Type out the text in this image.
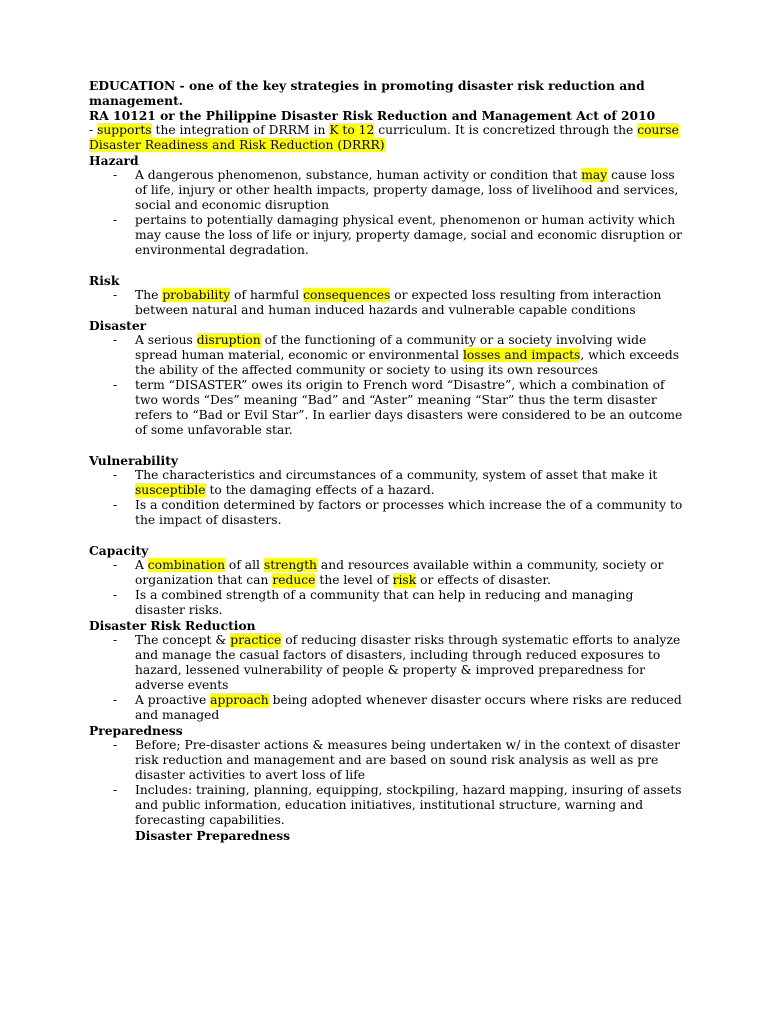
EDUCATION - one of the key strategies in promoting disaster risk reduction and management.

RA 10121 or the Philippine Disaster Risk Reduction and Management Act of 2010

- supports the integration of DRRM in K to 12 curriculum. It is concretized through the course Disaster Readiness and Risk Reduction (DRRR)

Hazard

- A dangerous phenomenon, substance, human activity or condition that may cause loss of life, injury or other health impacts, property damage, loss of livelihood and services, social and economic disruption
- pertains to potentially damaging physical event, phenomenon or human activity which may cause the loss of life or injury, property damage, social and economic disruption or environmental degradation.

Risk

- The probability of harmful consequences or expected loss resulting from interaction between natural and human induced hazards and vulnerable capable conditions

Disaster

- A serious disruption of the functioning of a community or a society involving wide spread human material, economic or environmental losses and impacts, which exceeds the ability of the affected community or society to using its own resources
- term “DISASTER” owes its origin to French word “Disastre”, which a combination of two words “Des” meaning “Bad” and “Aster” meaning “Star” thus the term disaster refers to “Bad or Evil Star”. In earlier days disasters were considered to be an outcome of some unfavorable star.

Vulnerability

- The characteristics and circumstances of a community, system of asset that make it susceptible to the damaging effects of a hazard.
- Is a condition determined by factors or processes which increase the of a community to the impact of disasters.

Capacity

- A combination of all strength and resources available within a community, society or organization that can reduce the level of risk or effects of disaster.
- Is a combined strength of a community that can help in reducing and managing disaster risks.

Disaster Risk Reduction

- The concept & practice of reducing disaster risks through systematic efforts to analyze and manage the casual factors of disasters, including through reduced exposures to hazard, lessened vulnerability of people & property & improved preparedness for adverse events
- A proactive approach being adopted whenever disaster occurs where risks are reduced and managed

Preparedness

- Before; Pre-disaster actions & measures being undertaken w/ in the context of disaster risk reduction and management and are based on sound risk analysis as well as pre disaster activities to avert loss of life
- Includes: training, planning, equipping, stockpiling, hazard mapping, insuring of assets and public information, education initiatives, institutional structure, warning and forecasting capabilities.

Disaster Preparedness
